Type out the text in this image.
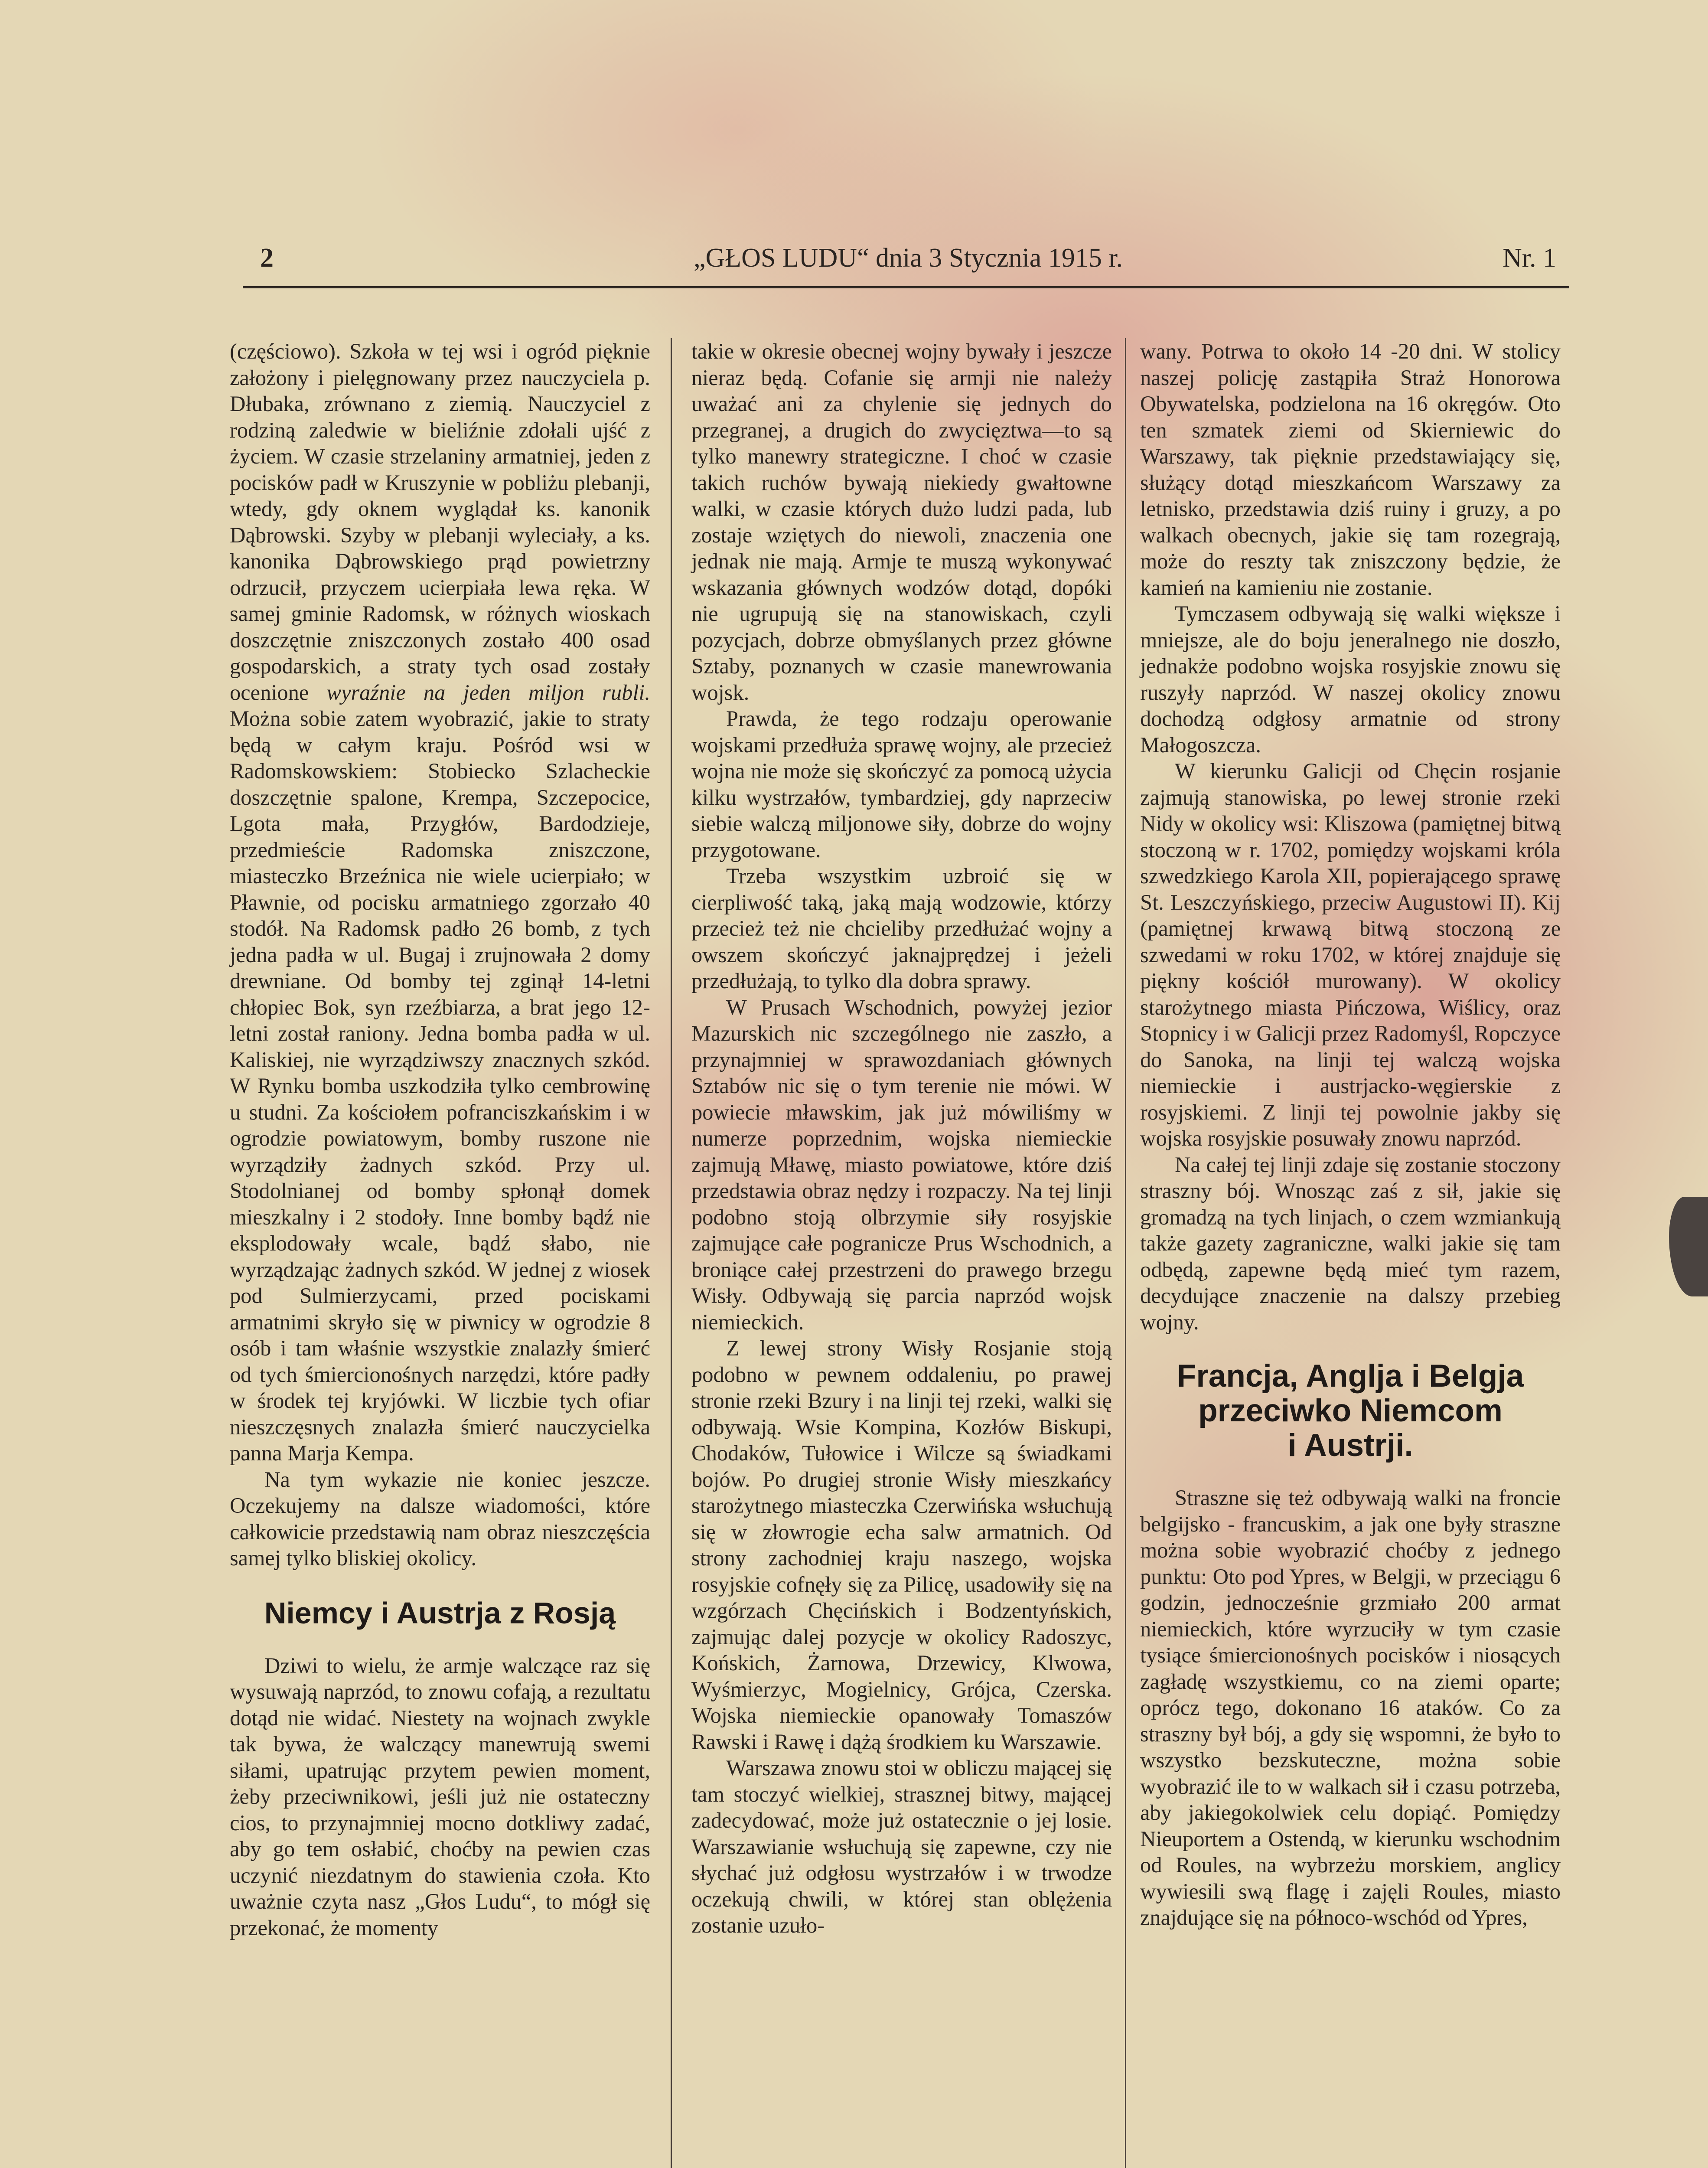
2	„GŁOS LUDU“ dnia 3 Stycznia 1915 r.	Nr. 1

(częściowo). Szkoła w tej wsi i ogród pięknie założony i pielęgnowany przez nauczyciela p. Dłubaka, zrównano z ziemią. Nauczyciel z rodziną zaledwie w bieliźnie zdołali ujść z życiem. W czasie strzelaniny armatniej, jeden z pocisków padł w Kruszynie w pobliżu plebanji, wtedy, gdy oknem wyglądał ks. kanonik Dąbrowski. Szyby w plebanji wyleciały, a ks. kanonika Dąbrowskiego prąd powietrzny odrzucił, przyczem ucierpiała lewa ręka. W samej gminie Radomsk, w różnych wioskach doszczętnie zniszczonych zostało 400 osad gospodarskich, a straty tych osad zostały ocenione wyraźnie na jeden miljon rubli. Można sobie zatem wyobrazić, jakie to straty będą w całym kraju. Pośród wsi w Radomskowskiem: Stobiecko Szlacheckie doszczętnie spalone, Krempa, Szczepocice, Lgota mała, Przygłów, Bardodzieje, przedmieście Radomska zniszczone, miasteczko Brzeźnica nie wiele ucierpiało; w Pławnie, od pocisku armatniego zgorzało 40 stodół. Na Radomsk padło 26 bomb, z tych jedna padła w ul. Bugaj i zrujnowała 2 domy drewniane. Od bomby tej zginął 14-letni chłopiec Bok, syn rzeźbiarza, a brat jego 12-letni został raniony. Jedna bomba padła w ul. Kaliskiej, nie wyrządziwszy znacznych szkód. W Rynku bomba uszkodziła tylko cembrowinę u studni. Za kościołem pofranciszkańskim i w ogrodzie powiatowym, bomby ruszone nie wyrządziły żadnych szkód. Przy ul. Stodolnianej od bomby spłonął domek mieszkalny i 2 stodoły. Inne bomby bądź nie eksplodowały wcale, bądź słabo, nie wyrządzając żadnych szkód. W jednej z wiosek pod Sulmierzycami, przed pociskami armatnimi skryło się w piwnicy w ogrodzie 8 osób i tam właśnie wszystkie znalazły śmierć od tych śmiercionośnych narzędzi, które padły w środek tej kryjówki. W liczbie tych ofiar nieszczęsnych znalazła śmierć nauczycielka panna Marja Kempa.

Na tym wykazie nie koniec jeszcze. Oczekujemy na dalsze wiadomości, które całkowicie przedstawią nam obraz nieszczęścia samej tylko bliskiej okolicy.

Niemcy i Austrja z Rosją

Dziwi to wielu, że armje walczące raz się wysuwają naprzód, to znowu cofają, a rezultatu dotąd nie widać. Niestety na wojnach zwykle tak bywa, że walczący manewrują swemi siłami, upatrując przytem pewien moment, żeby przeciwnikowi, jeśli już nie ostateczny cios, to przynajmniej mocno dotkliwy zadać, aby go tem osłabić, choćby na pewien czas uczynić niezdatnym do stawienia czoła. Kto uważnie czyta nasz „Głos Ludu“, to mógł się przekonać, że momenty

takie w okresie obecnej wojny bywały i jeszcze nieraz będą. Cofanie się armji nie należy uważać ani za chylenie się jednych do przegranej, a drugich do zwycięztwa—to są tylko manewry strategiczne. I choć w czasie takich ruchów bywają niekiedy gwałtowne walki, w czasie których dużo ludzi pada, lub zostaje wziętych do niewoli, znaczenia one jednak nie mają. Armje te muszą wykonywać wskazania głównych wodzów dotąd, dopóki nie ugrupują się na stanowiskach, czyli pozycjach, dobrze obmyślanych przez główne Sztaby, poznanych w czasie manewrowania wojsk.

Prawda, że tego rodzaju operowanie wojskami przedłuża sprawę wojny, ale przecież wojna nie może się skończyć za pomocą użycia kilku wystrzałów, tymbardziej, gdy naprzeciw siebie walczą miljonowe siły, dobrze do wojny przygotowane.

Trzeba wszystkim uzbroić się w cierpliwość taką, jaką mają wodzowie, którzy przecież też nie chcieliby przedłużać wojny a owszem skończyć jaknajprędzej i jeżeli przedłużają, to tylko dla dobra sprawy.

W Prusach Wschodnich, powyżej jezior Mazurskich nic szczególnego nie zaszło, a przynajmniej w sprawozdaniach głównych Sztabów nic się o tym terenie nie mówi. W powiecie mławskim, jak już mówiliśmy w numerze poprzednim, wojska niemieckie zajmują Mławę, miasto powiatowe, które dziś przedstawia obraz nędzy i rozpaczy. Na tej linji podobno stoją olbrzymie siły rosyjskie zajmujące całe pogranicze Prus Wschodnich, a broniące całej przestrzeni do prawego brzegu Wisły. Odbywają się parcia naprzód wojsk niemieckich.

Z lewej strony Wisły Rosjanie stoją podobno w pewnem oddaleniu, po prawej stronie rzeki Bzury i na linji tej rzeki, walki się odbywają. Wsie Kompina, Kozłów Biskupi, Chodaków, Tułowice i Wilcze są świadkami bojów. Po drugiej stronie Wisły mieszkańcy starożytnego miasteczka Czerwińska wsłuchują się w złowrogie echa salw armatnich. Od strony zachodniej kraju naszego, wojska rosyjskie cofnęły się za Pilicę, usadowiły się na wzgórzach Chęcińskich i Bodzentyńskich, zajmując dalej pozycje w okolicy Radoszyc, Końskich, Żarnowa, Drzewicy, Klwowa, Wyśmierzyc, Mogielnicy, Grójca, Czerska. Wojska niemieckie opanowały Tomaszów Rawski i Rawę i dążą środkiem ku Warszawie.

Warszawa znowu stoi w obliczu mającej się tam stoczyć wielkiej, strasznej bitwy, mającej zadecydować, może już ostatecznie o jej losie. Warszawianie wsłuchują się zapewne, czy nie słychać już odgłosu wystrzałów i w trwodze oczekują chwili, w której stan oblężenia zostanie uzuło-

wany. Potrwa to około 14 -20 dni. W stolicy naszej policję zastąpiła Straż Honorowa Obywatelska, podzielona na 16 okręgów. Oto ten szmatek ziemi od Skierniewic do Warszawy, tak pięknie przedstawiający się, służący dotąd mieszkańcom Warszawy za letnisko, przedstawia dziś ruiny i gruzy, a po walkach obecnych, jakie się tam rozegrają, może do reszty tak zniszczony będzie, że kamień na kamieniu nie zostanie.

Tymczasem odbywają się walki większe i mniejsze, ale do boju jeneralnego nie doszło, jednakże podobno wojska rosyjskie znowu się ruszyły naprzód. W naszej okolicy znowu dochodzą odgłosy armatnie od strony Małogoszcza.

W kierunku Galicji od Chęcin rosjanie zajmują stanowiska, po lewej stronie rzeki Nidy w okolicy wsi: Kliszowa (pamiętnej bitwą stoczoną w r. 1702, pomiędzy wojskami króla szwedzkiego Karola XII, popierającego sprawę St. Leszczyńskiego, przeciw Augustowi II). Kij (pamiętnej krwawą bitwą stoczoną ze szwedami w roku 1702, w której znajduje się piękny kościół murowany). W okolicy starożytnego miasta Pińczowa, Wiślicy, oraz Stopnicy i w Galicji przez Radomyśl, Ropczyce do Sanoka, na linji tej walczą wojska niemieckie i austrjacko-węgierskie z rosyjskiemi. Z linji tej powolnie jakby się wojska rosyjskie posuwały znowu naprzód.

Na całej tej linji zdaje się zostanie stoczony straszny bój. Wnosząc zaś z sił, jakie się gromadzą na tych linjach, o czem wzmiankują także gazety zagraniczne, walki jakie się tam odbędą, zapewne będą mieć tym razem, decydujące znaczenie na dalszy przebieg wojny.

Francja, Anglja i Belgja
przeciwko Niemcom
i Austrji.

Straszne się też odbywają walki na froncie belgijsko - francuskim, a jak one były straszne można sobie wyobrazić choćby z jednego punktu: Oto pod Ypres, w Belgji, w przeciągu 6 godzin, jednocześnie grzmiało 200 armat niemieckich, które wyrzuciły w tym czasie tysiące śmiercionośnych pocisków i niosących zagładę wszystkiemu, co na ziemi oparte; oprócz tego, dokonano 16 ataków. Co za straszny był bój, a gdy się wspomni, że było to wszystko bezskuteczne, można sobie wyobrazić ile to w walkach sił i czasu potrzeba, aby jakiegokolwiek celu dopiąć. Pomiędzy Nieuportem a Ostendą, w kierunku wschodnim od Roules, na wybrzeżu morskiem, anglicy wywiesili swą flagę i zajęli Roules, miasto znajdujące się na północo-wschód od Ypres,
